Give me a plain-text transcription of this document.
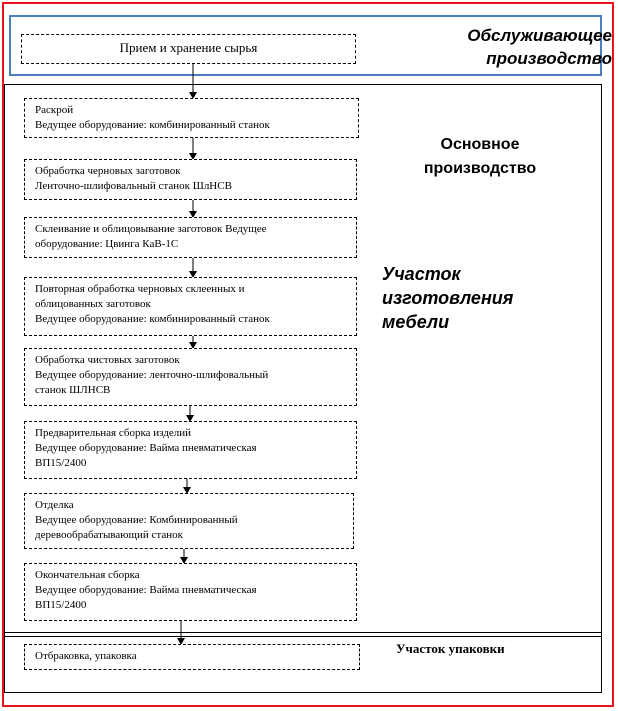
Обслуживающее
производство
Основное
производство
Участок
изготовления
мебели
Участок упаковки
Прием и хранение сырья
Раскрой
Ведущее оборудование: комбинированный станок
Обработка черновых заготовок
Ленточно-шлифовальный станок ШлНСВ
Склеивание и облицовывание заготовок Ведущее
оборудование: Цвинга КаВ-1С
Повторная обработка черновых склеенных и
облицованных заготовок
Ведущее оборудование: комбинированный станок
Обработка чистовых заготовок
Ведущее оборудование: ленточно-шлифовальный
станок ШЛНСВ
Предварительная сборка изделий
Ведущее оборудование: Вайма пневматическая
ВП15/2400
Отделка
Ведущее оборудование: Комбинированный
деревообрабатывающий станок
Окончательная сборка
Ведущее оборудование: Вайма пневматическая
ВП15/2400
Отбраковка, упаковка
